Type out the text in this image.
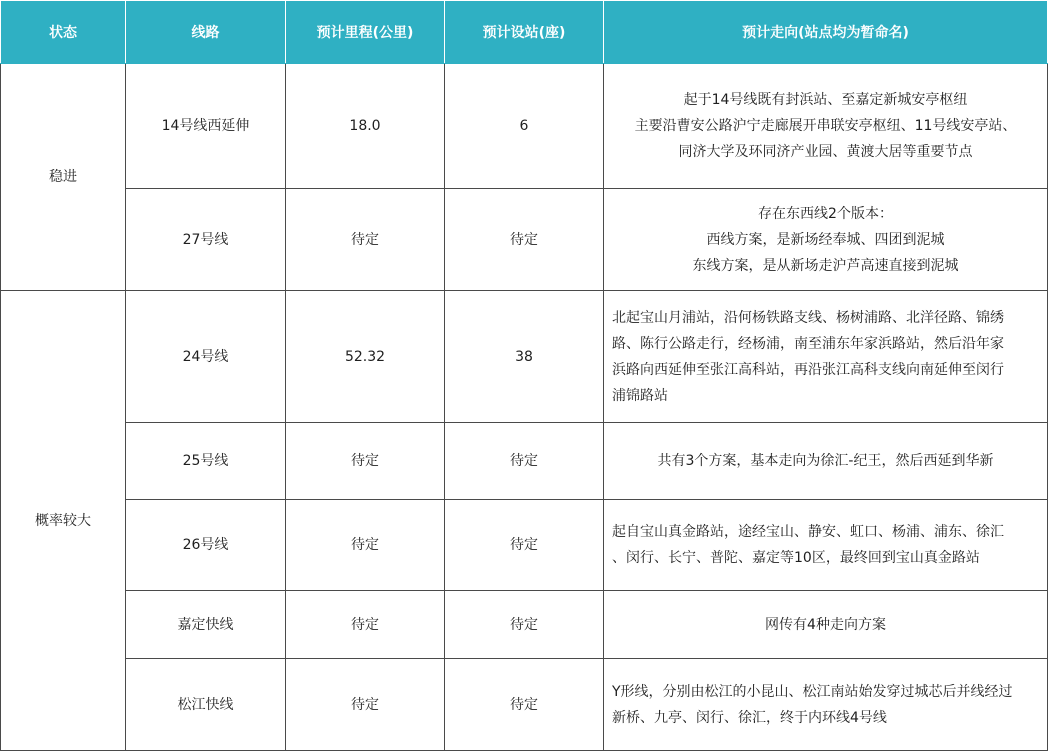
状态	线路	预计里程(公里)	预计设站(座)	预计走向(站点均为暂命名)
稳进	14号线西延伸	18.0	6	起于14号线既有封浜站、至嘉定新城安亭枢纽
主要沿曹安公路沪宁走廊展开串联安亭枢纽、11号线安亭站、
同济大学及环同济产业园、黄渡大居等重要节点

	27号线	待定	待定	存在东西线2个版本：
西线方案，是新场经奉城、四团到泥城
东线方案，是从新场走沪芦高速直接到泥城

概率较大	24号线	52.32	38	北起宝山月浦站，沿何杨铁路支线、杨树浦路、北洋径路、锦绣
路、陈行公路走行，经杨浦，南至浦东年家浜路站，然后沿年家
浜路向西延伸至张江高科站，再沿张江高科支线向南延伸至闵行
浦锦路站

	25号线	待定	待定	共有3个方案，基本走向为徐汇-纪王，然后西延到华新

	26号线	待定	待定	起自宝山真金路站，途经宝山、静安、虹口、杨浦、浦东、徐汇
、闵行、长宁、普陀、嘉定等10区，最终回到宝山真金路站

	嘉定快线	待定	待定	网传有4种走向方案

	松江快线	待定	待定	Y形线，分别由松江的小昆山、松江南站始发穿过城芯后并线经过
新桥、九亭、闵行、徐汇，终于内环线4号线
